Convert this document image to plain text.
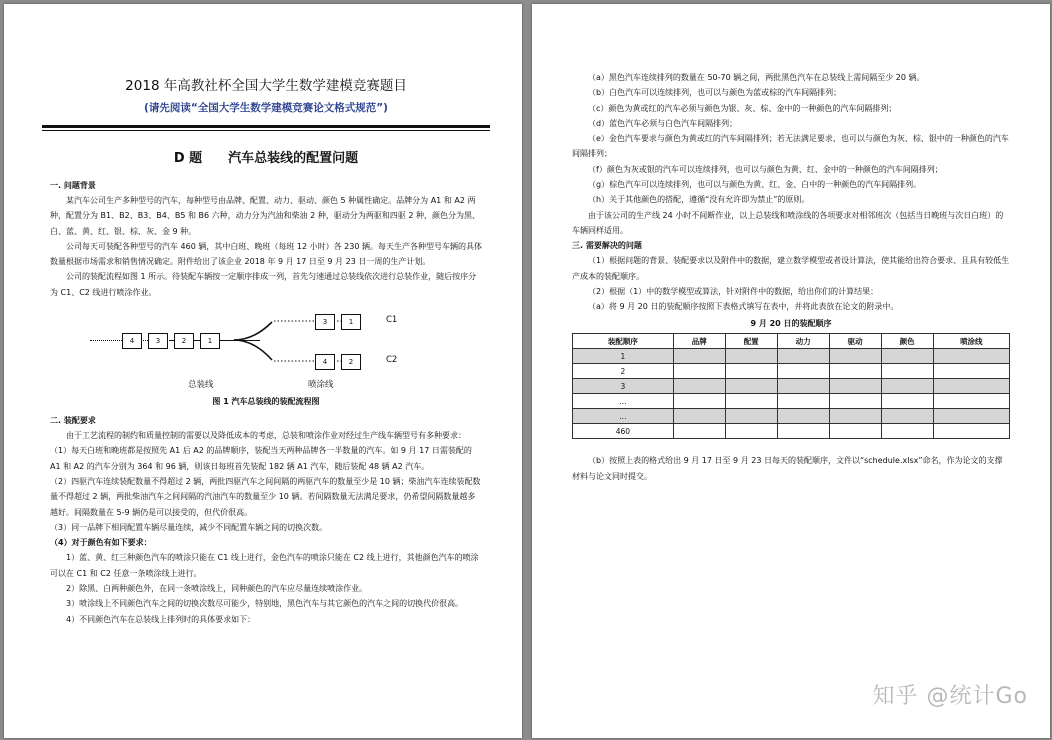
2018 年高教社杯全国大学生数学建模竞赛题目

(请先阅读“全国大学生数学建模竞赛论文格式规范”)

D 题　　汽车总装线的配置问题

一. 问题背景

某汽车公司生产多种型号的汽车，每种型号由品牌、配置、动力、驱动、颜色 5 种属性确定。品牌分为 A1 和 A2 两种，配置分为 B1、B2、B3、B4、B5 和 B6 六种，动力分为汽油和柴油 2 种，驱动分为两驱和四驱 2 种，颜色分为黑、白、蓝、黄、红、银、棕、灰、金 9 种。

公司每天可装配各种型号的汽车 460 辆，其中白班、晚班（每班 12 小时）各 230 辆。每天生产各种型号车辆的具体数量根据市场需求和销售情况确定。附件给出了该企业 2018 年 9 月 17 日至 9 月 23 日一周的生产计划。

公司的装配流程如图 1 所示。待装配车辆按一定顺序排成一列，首先匀速通过总装线依次进行总装作业，随后按序分为 C1、C2 线进行喷涂作业。

4	3	2	1
3	1
4	2
C1
C2
总装线	喷涂线

图 1 汽车总装线的装配流程图

二. 装配要求

由于工艺流程的制约和质量控制的需要以及降低成本的考虑，总装和喷涂作业对经过生产线车辆型号有多种要求：

（1）每天白班和晚班都是按照先 A1 后 A2 的品牌顺序，装配当天两种品牌各一半数量的汽车。如 9 月 17 日需装配的 A1 和 A2 的汽车分别为 364 和 96 辆，则该日每班首先装配 182 辆 A1 汽车，随后装配 48 辆 A2 汽车。

（2）四驱汽车连续装配数量不得超过 2 辆，两批四驱汽车之间间隔的两驱汽车的数量至少是 10 辆；柴油汽车连续装配数量不得超过 2 辆，两批柴油汽车之间间隔的汽油汽车的数量至少 10 辆。若间隔数量无法满足要求，仍希望间隔数量越多越好。间隔数量在 5-9 辆仍是可以接受的，但代价很高。

（3）同一品牌下相同配置车辆尽量连续，减少不同配置车辆之间的切换次数。

（4）对于颜色有如下要求：

1）蓝、黄、红三种颜色汽车的喷涂只能在 C1 线上进行，金色汽车的喷涂只能在 C2 线上进行，其他颜色汽车的喷涂可以在 C1 和 C2 任意一条喷涂线上进行。

2）除黑、白两种颜色外，在同一条喷涂线上，同种颜色的汽车应尽量连续喷涂作业。

3）喷涂线上不同颜色汽车之间的切换次数尽可能少，特别地，黑色汽车与其它颜色的汽车之间的切换代价很高。

4）不同颜色汽车在总装线上排列时的具体要求如下：

（a）黑色汽车连续排列的数量在 50-70 辆之间，两批黑色汽车在总装线上需间隔至少 20 辆。

（b）白色汽车可以连续排列，也可以与颜色为蓝或棕的汽车间隔排列；

（c）颜色为黄或红的汽车必须与颜色为银、灰、棕、金中的一种颜色的汽车间隔排列；

（d）蓝色汽车必须与白色汽车间隔排列；

（e）金色汽车要求与颜色为黄或红的汽车间隔排列；若无法满足要求，也可以与颜色为灰、棕、银中的一种颜色的汽车间隔排列；

（f）颜色为灰或银的汽车可以连续排列，也可以与颜色为黄、红、金中的一种颜色的汽车间隔排列；

（g）棕色汽车可以连续排列，也可以与颜色为黄、红、金、白中的一种颜色的汽车间隔排列。

（h）关于其他颜色的搭配，遵循“没有允许即为禁止”的原则。

由于该公司的生产线 24 小时不间断作业，以上总装线和喷涂线的各项要求对相邻班次（包括当日晚班与次日白班）的车辆同样适用。

三. 需要解决的问题

（1）根据问题的背景、装配要求以及附件中的数据，建立数学模型或者设计算法，使其能给出符合要求、且具有较低生产成本的装配顺序。

（2）根据（1）中的数学模型或算法，针对附件中的数据，给出你们的计算结果：

（a）将 9 月 20 日的装配顺序按照下表格式填写在表中，并将此表放在论文的附录中。

9 月 20 日的装配顺序

装配顺序	品牌	配置	动力	驱动	颜色	喷涂线
1						
2						
3						
…						
…						
460						

（b）按照上表的格式给出 9 月 17 日至 9 月 23 日每天的装配顺序，文件以“schedule.xlsx”命名，作为论文的支撑材料与论文同时提交。

知乎 @统计Go
